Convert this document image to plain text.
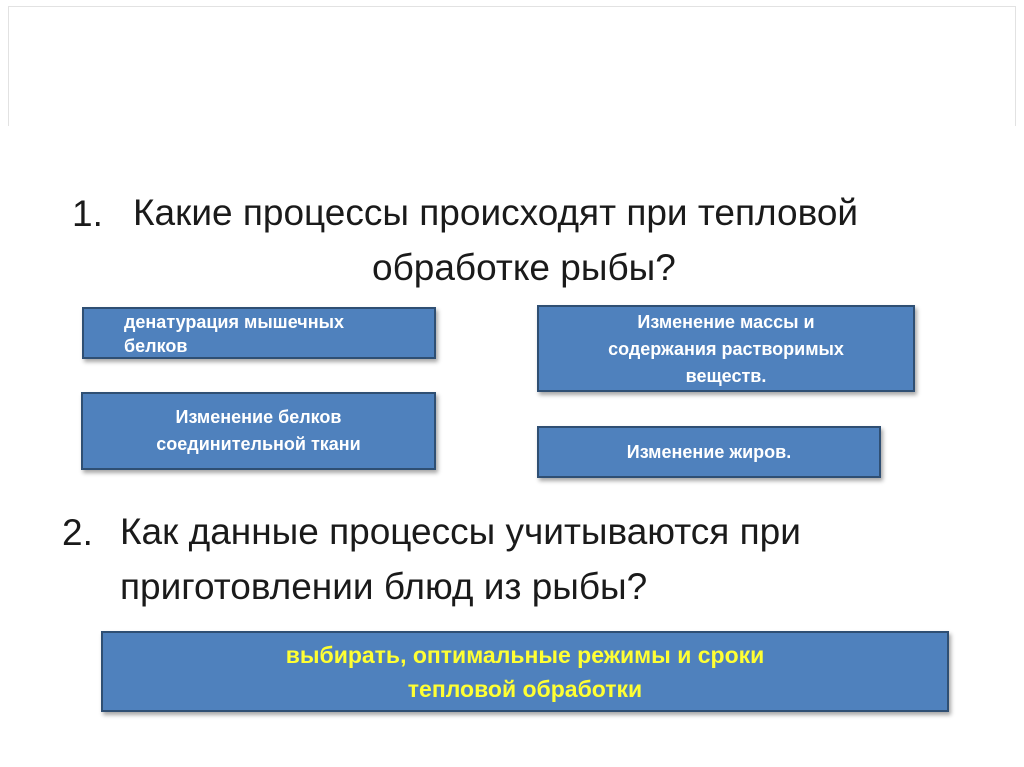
1. Какие процессы происходят при тепловой
обработке рыбы?
денатурация мышечных
белков
Изменение массы и
содержания растворимых
веществ.
Изменение белков
соединительной ткани	Изменение жиров.
2. Как данные процессы учитываются при
приготовлении блюд из рыбы?
выбирать, оптимальные режимы и сроки
тепловой обработки
